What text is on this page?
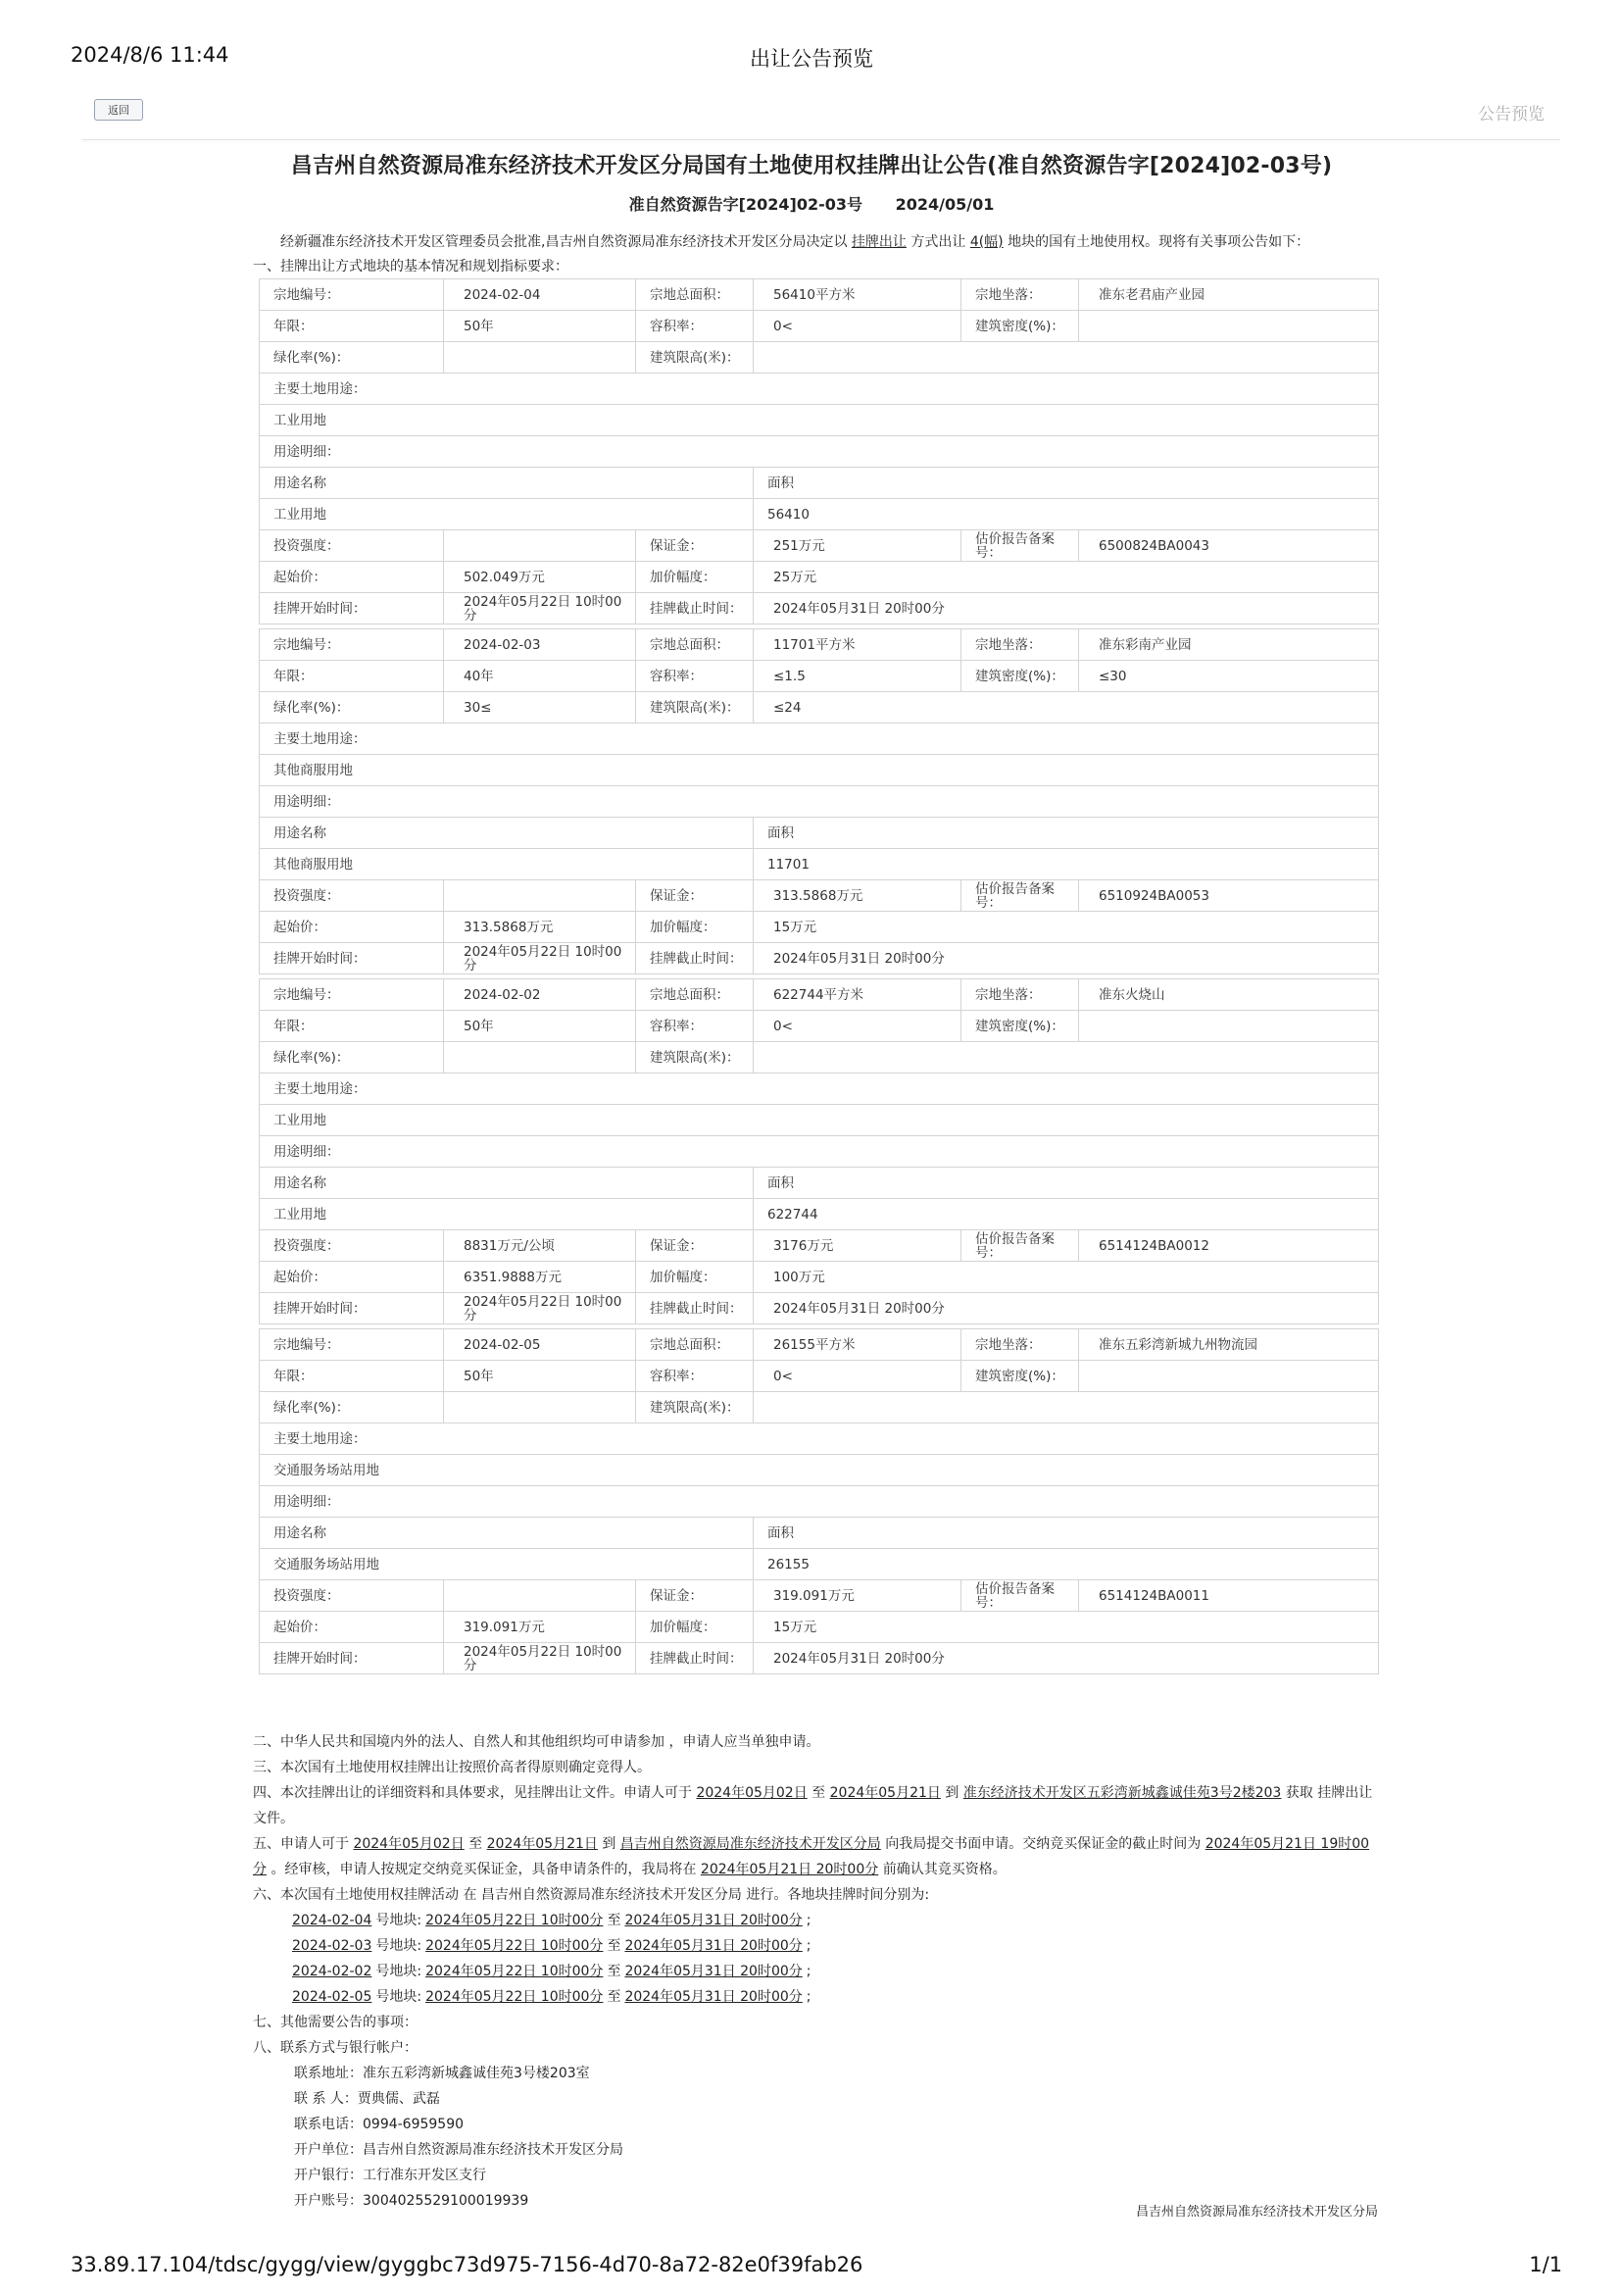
2024/8/6 11:44	出让公告预览
返回	公告预览
昌吉州自然资源局准东经济技术开发区分局国有土地使用权挂牌出让公告(准自然资源告字[2024]02-03号)
准自然资源告字[2024]02-03号 2024/05/01
经新疆准东经济技术开发区管理委员会批准,昌吉州自然资源局准东经济技术开发区分局决定以 挂牌出让 方式出让 4(幅) 地块的国有土地使用权。现将有关事项公告如下：
一、挂牌出让方式地块的基本情况和规划指标要求：
宗地编号：	2024-02-04	宗地总面积：	56410平方米	宗地坐落：	准东老君庙产业园
年限：	50年	容积率：	0<	建筑密度(%)：	
绿化率(%)：		建筑限高(米)：			
主要土地用途：					
工业用地					
用途明细：					
用途名称			面积		
工业用地			56410		
投资强度：		保证金：	251万元	估价报告备案号：	6500824BA0043
起始价：	502.049万元	加价幅度：	25万元		
挂牌开始时间：	2024年05月22日 10时00分	挂牌截止时间：	2024年05月31日 20时00分		
宗地编号：	2024-02-03	宗地总面积：	11701平方米	宗地坐落：	准东彩南产业园
年限：	40年	容积率：	≤1.5	建筑密度(%)：	≤30
绿化率(%)：	30≤	建筑限高(米)：	≤24		
主要土地用途：					
其他商服用地					
用途明细：					
用途名称			面积		
其他商服用地			11701		
投资强度：		保证金：	313.5868万元	估价报告备案号：	6510924BA0053
起始价：	313.5868万元	加价幅度：	15万元		
挂牌开始时间：	2024年05月22日 10时00分	挂牌截止时间：	2024年05月31日 20时00分		
宗地编号：	2024-02-02	宗地总面积：	622744平方米	宗地坐落：	准东火烧山
年限：	50年	容积率：	0<	建筑密度(%)：	
绿化率(%)：		建筑限高(米)：			
主要土地用途：					
工业用地					
用途明细：					
用途名称			面积		
工业用地			622744		
投资强度：	8831万元/公顷	保证金：	3176万元	估价报告备案号：	6514124BA0012
起始价：	6351.9888万元	加价幅度：	100万元		
挂牌开始时间：	2024年05月22日 10时00分	挂牌截止时间：	2024年05月31日 20时00分		
宗地编号：	2024-02-05	宗地总面积：	26155平方米	宗地坐落：	准东五彩湾新城九州物流园
年限：	50年	容积率：	0<	建筑密度(%)：	
绿化率(%)：		建筑限高(米)：			
主要土地用途：					
交通服务场站用地					
用途明细：					
用途名称			面积		
交通服务场站用地			26155		
投资强度：		保证金：	319.091万元	估价报告备案号：	6514124BA0011
起始价：	319.091万元	加价幅度：	15万元		
挂牌开始时间：	2024年05月22日 10时00分	挂牌截止时间：	2024年05月31日 20时00分		
二、中华人民共和国境内外的法人、自然人和其他组织均可申请参加 ，申请人应当单独申请。
三、本次国有土地使用权挂牌出让按照价高者得原则确定竞得人。
四、本次挂牌出让的详细资料和具体要求，见挂牌出让文件。申请人可于 2024年05月02日 至 2024年05月21日 到 准东经济技术开发区五彩湾新城鑫诚佳苑3号2楼203 获取 挂牌出让 文件。
五、申请人可于 2024年05月02日 至 2024年05月21日 到 昌吉州自然资源局准东经济技术开发区分局 向我局提交书面申请。交纳竞买保证金的截止时间为 2024年05月21日 19时00分 。经审核，申请人按规定交纳竞买保证金，具备申请条件的，我局将在 2024年05月21日 20时00分 前确认其竞买资格。
六、本次国有土地使用权挂牌活动 在 昌吉州自然资源局准东经济技术开发区分局 进行。各地块挂牌时间分别为:
2024-02-04 号地块: 2024年05月22日 10时00分 至 2024年05月31日 20时00分 ;
2024-02-03 号地块: 2024年05月22日 10时00分 至 2024年05月31日 20时00分 ;
2024-02-02 号地块: 2024年05月22日 10时00分 至 2024年05月31日 20时00分 ;
2024-02-05 号地块: 2024年05月22日 10时00分 至 2024年05月31日 20时00分 ;
七、其他需要公告的事项：
八、联系方式与银行帐户：
联系地址：准东五彩湾新城鑫诚佳苑3号楼203室
联 系 人：贾典儒、武磊
联系电话：0994-6959590
开户单位：昌吉州自然资源局准东经济技术开发区分局
开户银行：工行准东开发区支行
开户账号：3004025529100019939
昌吉州自然资源局准东经济技术开发区分局
33.89.17.104/tdsc/gygg/view/gyggbc73d975-7156-4d70-8a72-82e0f39fab26	1/1
